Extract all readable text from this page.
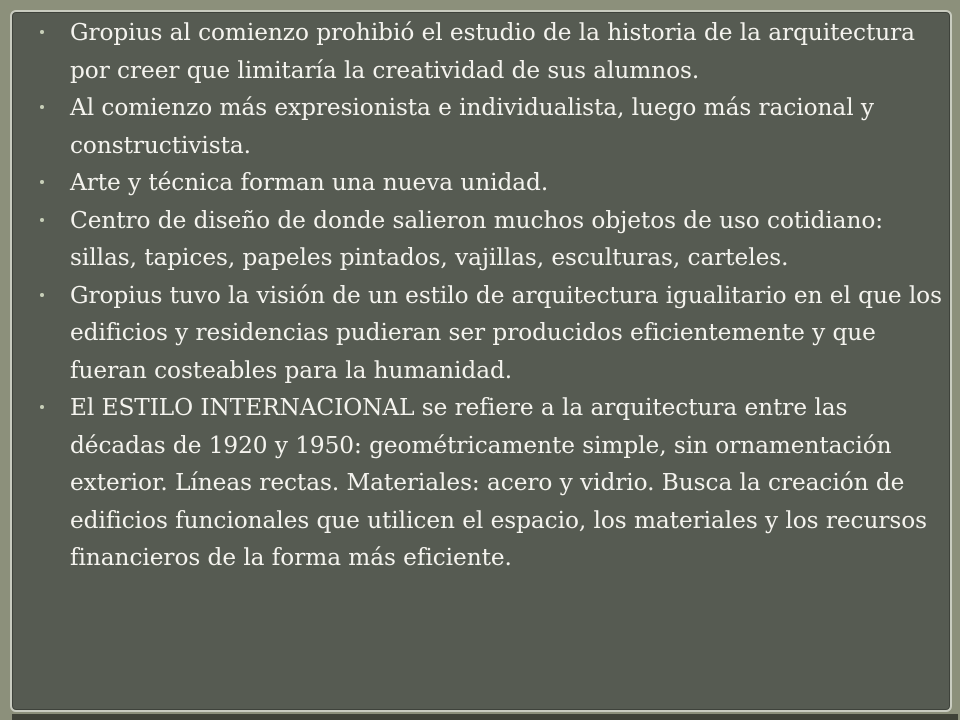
Gropius al comienzo prohibió el estudio de la historia de la arquitectura por creer que limitaría la creatividad de sus alumnos.
Al comienzo más expresionista e individualista, luego más racional y constructivista.
Arte y técnica forman una nueva unidad.
Centro de diseño de donde salieron muchos objetos de uso cotidiano: sillas, tapices, papeles pintados, vajillas, esculturas, carteles.
Gropius tuvo la visión de un estilo de arquitectura igualitario en el que los edificios y residencias pudieran ser producidos eficientemente y que fueran costeables para la humanidad.
El ESTILO INTERNACIONAL se refiere a la arquitectura entre las décadas de 1920 y 1950: geométricamente simple, sin ornamentación exterior. Líneas rectas. Materiales: acero y vidrio. Busca la creación de edificios funcionales que utilicen el espacio, los materiales y los recursos financieros de la forma más eficiente.
